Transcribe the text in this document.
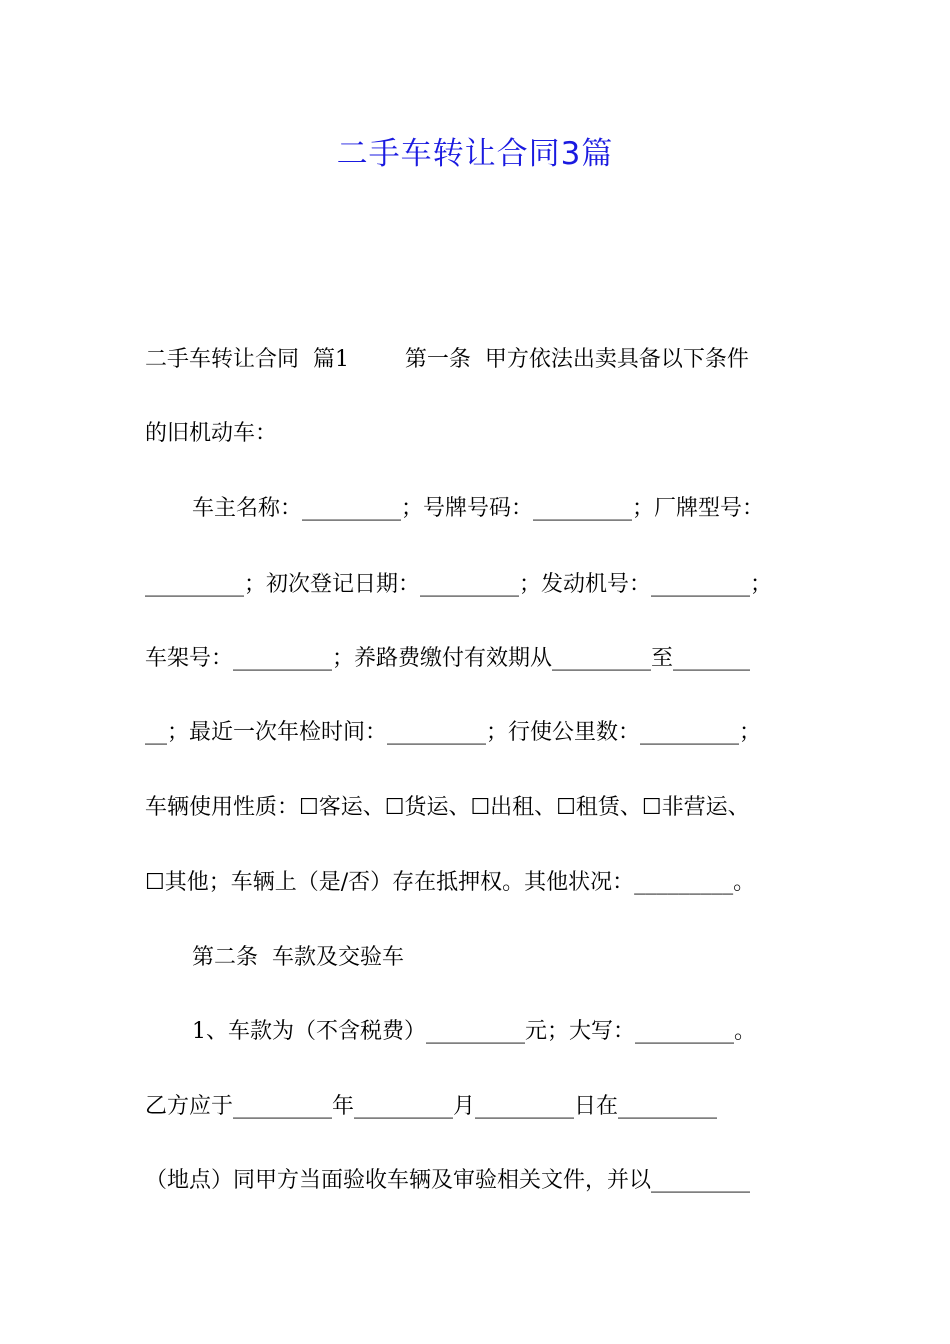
二手车转让合同3篇
二手车转让合同  篇1        第一条  甲方依法出卖具备以下条件
的旧机动车：
车主名称：_________；号牌号码：_________；厂牌型号：
_________；初次登记日期：_________；发动机号：_________；
车架号：_________；养路费缴付有效期从_________至_______
__；最近一次年检时间：_________；行使公里数：_________；
车辆使用性质：☐客运、☐货运、☐出租、☐租赁、☐非营运、
☐其他；车辆上（是/否）存在抵押权。其他状况：_________。
第二条  车款及交验车
1、车款为（不含税费）_________元；大写：_________。
乙方应于_________年_________月_________日在_________
（地点）同甲方当面验收车辆及审验相关文件，并以_________
